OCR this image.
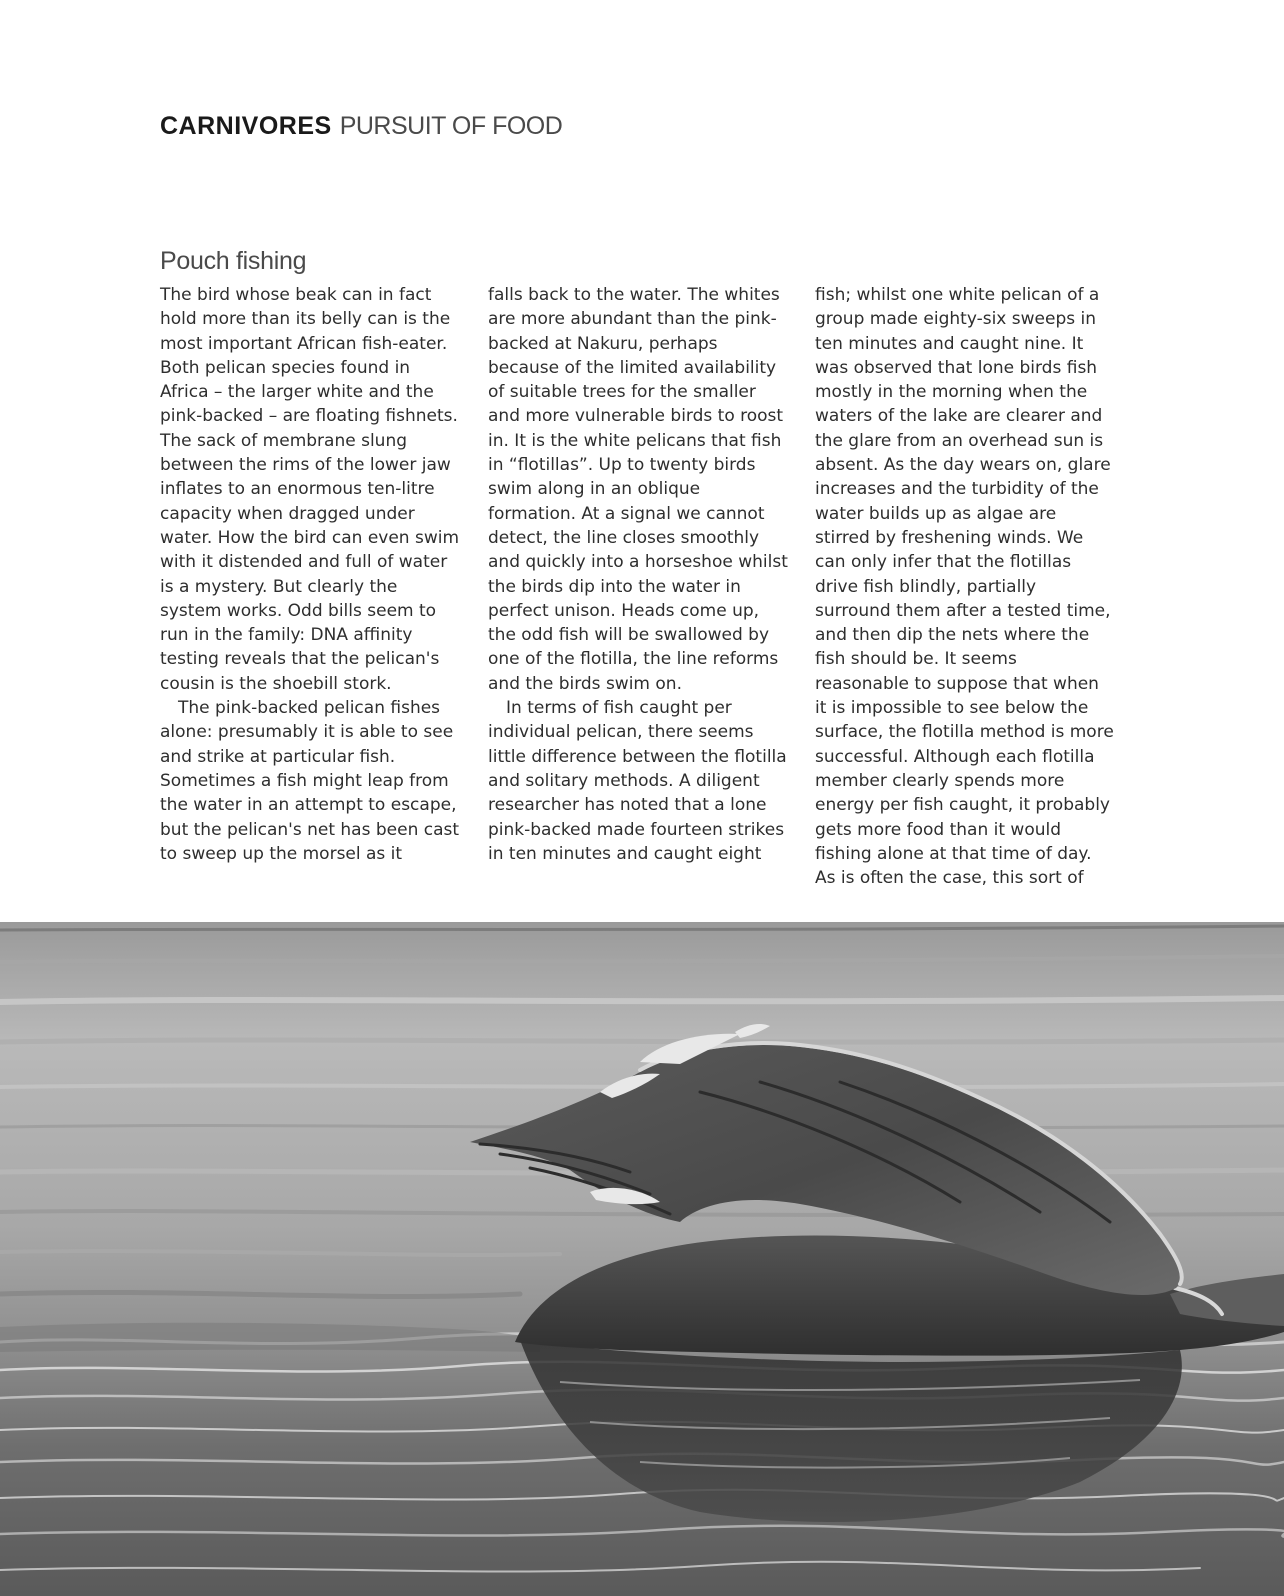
CARNIVORES PURSUIT OF FOOD
Pouch fishing

The bird whose beak can in fact hold more than its belly can is the most important African fish-eater. Both pelican species found in Africa – the larger white and the pink-backed – are floating fishnets. The sack of membrane slung between the rims of the lower jaw inflates to an enormous ten-litre capacity when dragged under water. How the bird can even swim with it distended and full of water is a mystery. But clearly the system works. Odd bills seem to run in the family: DNA affinity testing reveals that the pelican's cousin is the shoebill stork.

The pink-backed pelican fishes alone: presumably it is able to see and strike at particular fish. Sometimes a fish might leap from the water in an attempt to escape, but the pelican's net has been cast to sweep up the morsel as it

falls back to the water. The whites are more abundant than the pink-backed at Nakuru, perhaps because of the limited availability of suitable trees for the smaller and more vulnerable birds to roost in. It is the white pelicans that fish in “flotillas”. Up to twenty birds swim along in an oblique formation. At a signal we cannot detect, the line closes smoothly and quickly into a horseshoe whilst the birds dip into the water in perfect unison. Heads come up, the odd fish will be swallowed by one of the flotilla, the line reforms and the birds swim on.

In terms of fish caught per individual pelican, there seems little difference between the flotilla and solitary methods. A diligent researcher has noted that a lone pink-backed made fourteen strikes in ten minutes and caught eight

fish; whilst one white pelican of a group made eighty-six sweeps in ten minutes and caught nine. It was observed that lone birds fish mostly in the morning when the waters of the lake are clearer and the glare from an overhead sun is absent. As the day wears on, glare increases and the turbidity of the water builds up as algae are stirred by freshening winds. We can only infer that the flotillas drive fish blindly, partially surround them after a tested time, and then dip the nets where the fish should be. It seems reasonable to suppose that when it is impossible to see below the surface, the flotilla method is more successful. Although each flotilla member clearly spends more energy per fish caught, it probably gets more food than it would fishing alone at that time of day. As is often the case, this sort of
